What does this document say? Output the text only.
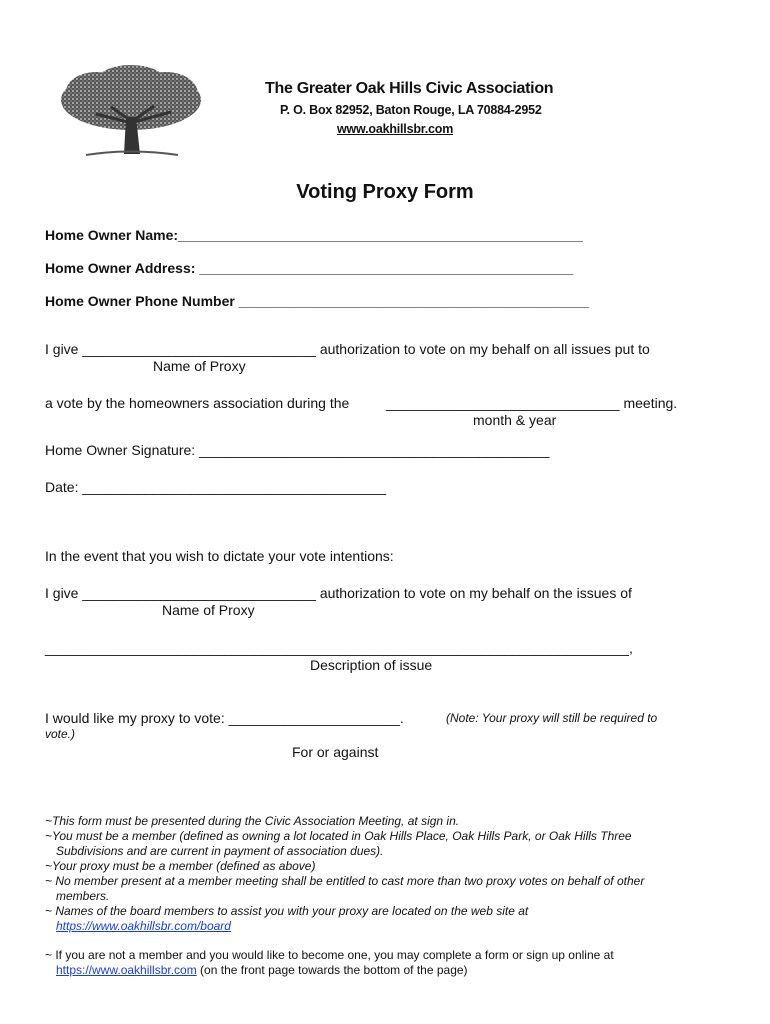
The Greater Oak Hills Civic Association
P. O. Box 82952, Baton Rouge, LA 70884-2952
www.oakhillsbr.com
Voting Proxy Form
Home Owner Name:____________________________________________________
Home Owner Address: ________________________________________________
Home Owner Phone Number _____________________________________________
I give ______________________________ authorization to vote on my behalf on all issues put to
Name of Proxy
a vote by the homeowners association during the	______________________________ meeting.
month & year
Home Owner Signature: _____________________________________________
Date: _______________________________________
In the event that you wish to dictate your vote intentions:
I give ______________________________ authorization to vote on my behalf on the issues of
Name of Proxy
___________________________________________________________________________,
Description of issue
I would like my proxy to vote: ______________________.	(Note: Your proxy will still be required to
vote.)
For or against
~This form must be presented during the Civic Association Meeting, at sign in.
~You must be a member (defined as owning a lot located in Oak Hills Place, Oak Hills Park, or Oak Hills Three
Subdivisions and are current in payment of association dues).
~Your proxy must be a member (defined as above)
~ No member present at a member meeting shall be entitled to cast more than two proxy votes on behalf of other
members.
~ Names of the board members to assist you with your proxy are located on the web site at
https://www.oakhillsbr.com/board
~ If you are not a member and you would like to become one, you may complete a form or sign up online at
https://www.oakhillsbr.com (on the front page towards the bottom of the page)
